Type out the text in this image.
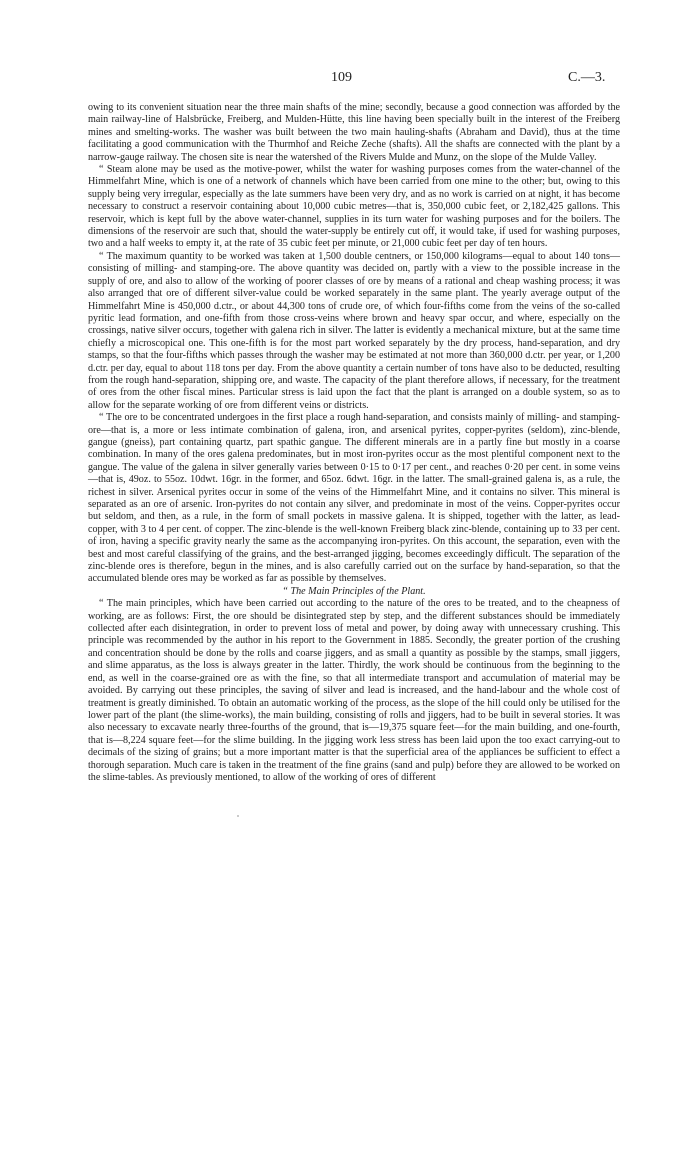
109	C.—3.

owing to its convenient situation near the three main shafts of the mine; secondly, because a good connection was afforded by the main railway-line of Halsbrücke, Freiberg, and Mulden-Hütte, this line having been specially built in the interest of the Freiberg mines and smelting-works. The washer was built between the two main hauling-shafts (Abraham and David), thus at the time facilitating a good communication with the Thurmhof and Reiche Zeche (shafts). All the shafts are connected with the plant by a narrow-gauge railway. The chosen site is near the watershed of the Rivers Mulde and Munz, on the slope of the Mulde Valley.

“ Steam alone may be used as the motive-power, whilst the water for washing purposes comes from the water-channel of the Himmelfahrt Mine, which is one of a network of channels which have been carried from one mine to the other; but, owing to this supply being very irregular, especially as the late summers have been very dry, and as no work is carried on at night, it has become necessary to construct a reservoir containing about 10,000 cubic metres—that is, 350,000 cubic feet, or 2,182,425 gallons. This reservoir, which is kept full by the above water-channel, supplies in its turn water for washing purposes and for the boilers. The dimensions of the reservoir are such that, should the water-supply be entirely cut off, it would take, if used for washing purposes, two and a half weeks to empty it, at the rate of 35 cubic feet per minute, or 21,000 cubic feet per day of ten hours.

“ The maximum quantity to be worked was taken at 1,500 double centners, or 150,000 kilograms—equal to about 140 tons—consisting of milling- and stamping-ore. The above quantity was decided on, partly with a view to the possible increase in the supply of ore, and also to allow of the working of poorer classes of ore by means of a rational and cheap washing process; it was also arranged that ore of different silver-value could be worked separately in the same plant. The yearly average output of the Himmelfahrt Mine is 450,000 d.ctr., or about 44,300 tons of crude ore, of which four-fifths come from the veins of the so-called pyritic lead formation, and one-fifth from those cross-veins where brown and heavy spar occur, and where, especially on the crossings, native silver occurs, together with galena rich in silver. The latter is evidently a mechanical mixture, but at the same time chiefly a microscopical one. This one-fifth is for the most part worked separately by the dry process, hand-separation, and dry stamps, so that the four-fifths which passes through the washer may be estimated at not more than 360,000 d.ctr. per year, or 1,200 d.ctr. per day, equal to about 118 tons per day. From the above quantity a certain number of tons have also to be deducted, resulting from the rough hand-separation, shipping ore, and waste. The capacity of the plant therefore allows, if necessary, for the treatment of ores from the other fiscal mines. Particular stress is laid upon the fact that the plant is arranged on a double system, so as to allow for the separate working of ore from different veins or districts.

“ The ore to be concentrated undergoes in the first place a rough hand-separation, and consists mainly of milling- and stamping-ore—that is, a more or less intimate combination of galena, iron, and arsenical pyrites, copper-pyrites (seldom), zinc-blende, gangue (gneiss), part containing quartz, part spathic gangue. The different minerals are in a partly fine but mostly in a coarse combination. In many of the ores galena predominates, but in most iron-pyrites occur as the most plentiful component next to the gangue. The value of the galena in silver generally varies between 0·15 to 0·17 per cent., and reaches 0·20 per cent. in some veins—that is, 49oz. to 55oz. 10dwt. 16gr. in the former, and 65oz. 6dwt. 16gr. in the latter. The small-grained galena is, as a rule, the richest in silver. Arsenical pyrites occur in some of the veins of the Himmelfahrt Mine, and it contains no silver. This mineral is separated as an ore of arsenic. Iron-pyrites do not contain any silver, and predominate in most of the veins. Copper-pyrites occur but seldom, and then, as a rule, in the form of small pockets in massive galena. It is shipped, together with the latter, as lead-copper, with 3 to 4 per cent. of copper. The zinc-blende is the well-known Freiberg black zinc-blende, containing up to 33 per cent. of iron, having a specific gravity nearly the same as the accompanying iron-pyrites. On this account, the separation, even with the best and most careful classifying of the grains, and the best-arranged jigging, becomes exceedingly difficult. The separation of the zinc-blende ores is therefore, begun in the mines, and is also carefully carried out on the surface by hand-separation, so that the accumulated blende ores may be worked as far as possible by themselves.

“ The Main Principles of the Plant.

“ The main principles, which have been carried out according to the nature of the ores to be treated, and to the cheapness of working, are as follows: First, the ore should be disintegrated step by step, and the different substances should be immediately collected after each disintegration, in order to prevent loss of metal and power, by doing away with unnecessary crushing. This principle was recommended by the author in his report to the Government in 1885. Secondly, the greater portion of the crushing and concentration should be done by the rolls and coarse jiggers, and as small a quantity as possible by the stamps, small jiggers, and slime apparatus, as the loss is always greater in the latter. Thirdly, the work should be continuous from the beginning to the end, as well in the coarse-grained ore as with the fine, so that all intermediate transport and accumulation of material may be avoided. By carrying out these principles, the saving of silver and lead is increased, and the hand-labour and the whole cost of treatment is greatly diminished. To obtain an automatic working of the process, as the slope of the hill could only be utilised for the lower part of the plant (the slime-works), the main building, consisting of rolls and jiggers, had to be built in several stories. It was also necessary to excavate nearly three-fourths of the ground, that is—19,375 square feet—for the main building, and one-fourth, that is—8,224 square feet—for the slime building. In the jigging work less stress has been laid upon the too exact carrying-out to decimals of the sizing of grains; but a more important matter is that the superficial area of the appliances be sufficient to effect a thorough separation. Much care is taken in the treatment of the fine grains (sand and pulp) before they are allowed to be worked on the slime-tables. As previously mentioned, to allow of the working of ores of different
